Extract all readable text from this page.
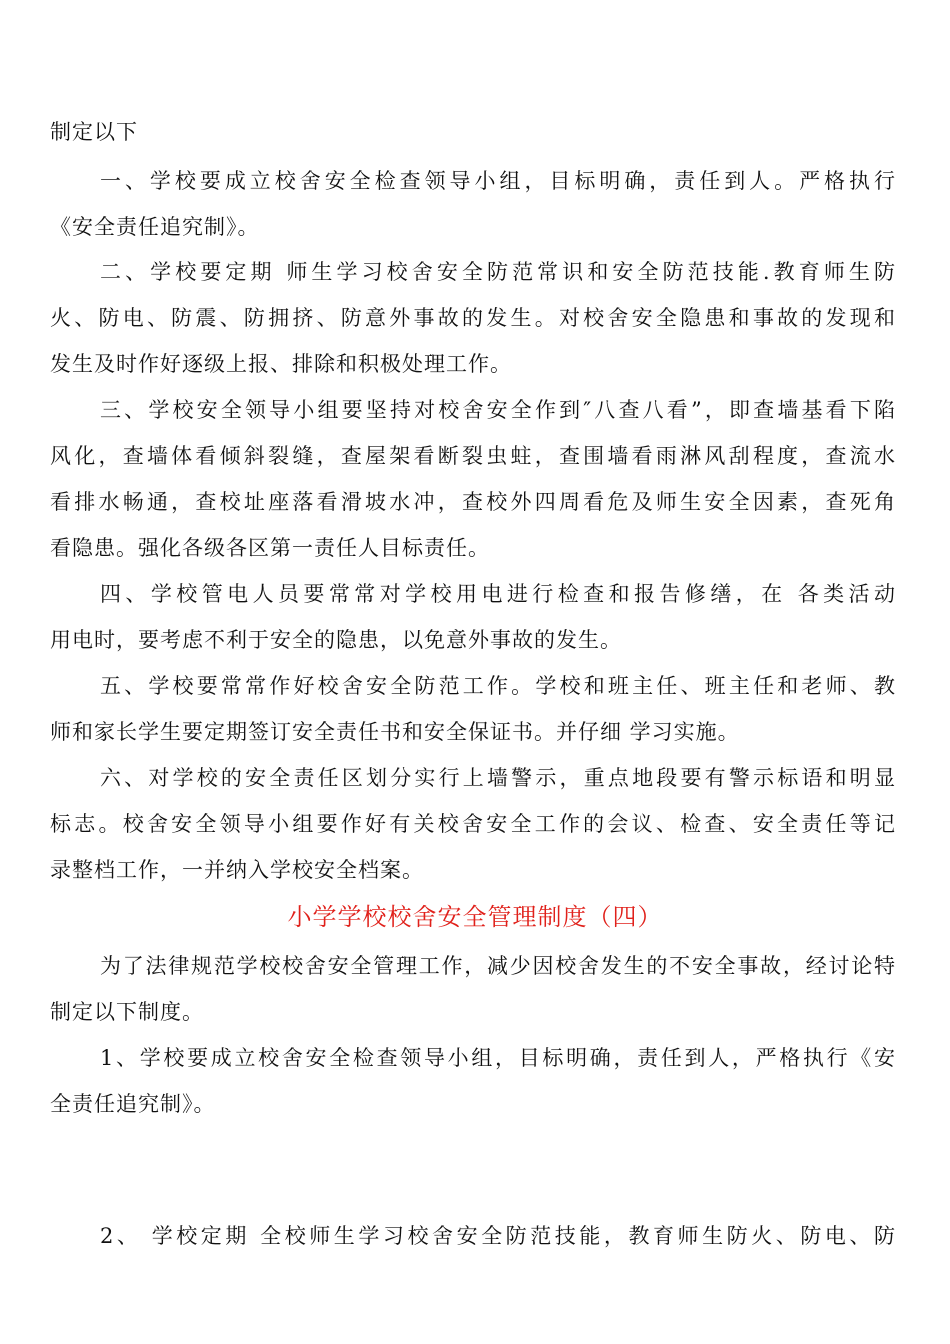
制定以下
一、学校要成立校舍安全检查领导小组，目标明确，责任到人。严格执行
《安全责任追究制》。
二、学校要定期 师生学习校舍安全防范常识和安全防范技能.教育师生防
火、防电、防震、防拥挤、防意外事故的发生。对校舍安全隐患和事故的发现和
发生及时作好逐级上报、排除和积极处理工作。
三、学校安全领导小组要坚持对校舍安全作到″八查八看”，即查墙基看下陷
风化，查墙体看倾斜裂缝，查屋架看断裂虫蛀，查围墙看雨淋风刮程度，查流水
看排水畅通，查校址座落看滑坡水冲，查校外四周看危及师生安全因素，查死角
看隐患。强化各级各区第一责任人目标责任。
四、学校管电人员要常常对学校用电进行检查和报告修缮，在 各类活动
用电时，要考虑不利于安全的隐患，以免意外事故的发生。
五、学校要常常作好校舍安全防范工作。学校和班主任、班主任和老师、教
师和家长学生要定期签订安全责任书和安全保证书。并仔细 学习实施。
六、对学校的安全责任区划分实行上墙警示，重点地段要有警示标语和明显
标志。校舍安全领导小组要作好有关校舍安全工作的会议、检查、安全责任等记
录整档工作，一并纳入学校安全档案。
小学学校校舍安全管理制度（四）
为了法律规范学校校舍安全管理工作，减少因校舍发生的不安全事故，经讨论特
制定以下制度。
1、学校要成立校舍安全检查领导小组，目标明确，责任到人，严格执行《安
全责任追究制》。
2、 学校定期 全校师生学习校舍安全防范技能，教育师生防火、防电、防
